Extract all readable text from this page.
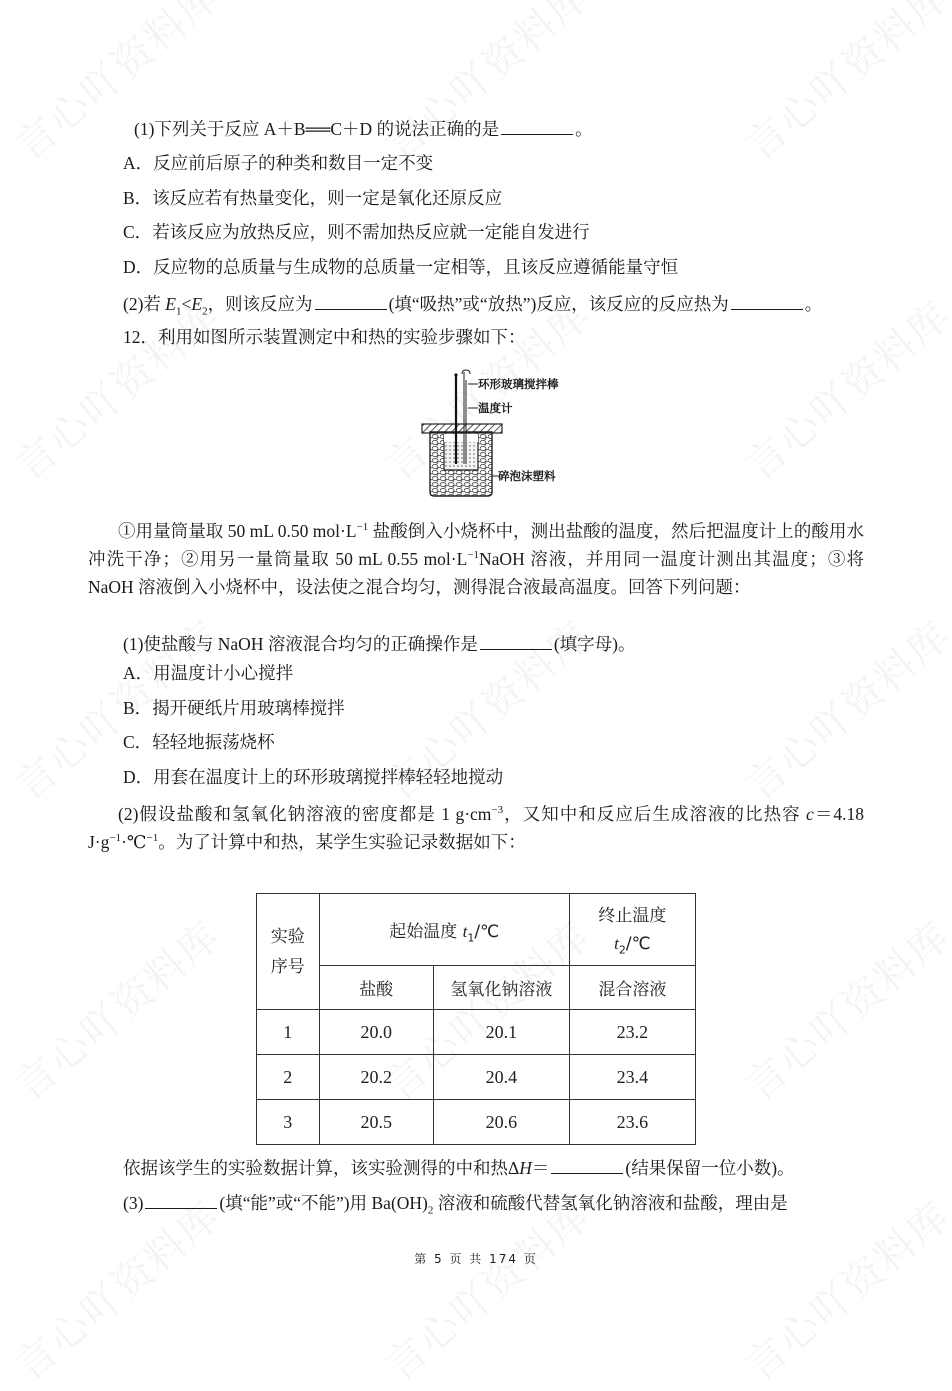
(1)下列关于反应 A＋B══C＋D 的说法正确的是	。
A．反应前后原子的种类和数目一定不变
B．该反应若有热量变化，则一定是氧化还原反应
C．若该反应为放热反应，则不需加热反应就一定能自发进行
D．反应物的总质量与生成物的总质量一定相等，且该反应遵循能量守恒
(2)若 $E_1<E_2$，则该反应为	(填“吸热”或“放热”)反应，该反应的反应热为	。
12．利用如图所示装置测定中和热的实验步骤如下：
环形玻璃搅拌棒
温度计
碎泡沫塑料
①用量筒量取 50 mL 0.50 $mol\cdot L^{-1}$ 盐酸倒入小烧杯中，测出盐酸的温度，然后把温度计上的酸用水冲洗干净；②用另一量筒量取 50 mL 0.55 $mol\cdot L^{-1}NaOH$ 溶液，并用同一温度计测出其温度；③将 NaOH 溶液倒入小烧杯中，设法使之混合均匀，测得混合液最高温度。回答下列问题：
(1)使盐酸与 NaOH 溶液混合均匀的正确操作是	(填字母)。
A．用温度计小心搅拌
B．揭开硬纸片用玻璃棒搅拌
C．轻轻地振荡烧杯
D．用套在温度计上的环形玻璃搅拌棒轻轻地搅动
(2)假设盐酸和氢氧化钠溶液的密度都是 1 $g\cdot cm^{-3}$，又知中和反应后生成溶液的比热容 c＝4.18 $J\cdot g^{-1}\cdot℃^{-1}$。为了计算中和热，某学生实验记录数据如下：
实验
序号	起始温度 $t_1/℃$		终止温度
$t_2/℃$
	盐酸	氢氧化钠溶液	混合溶液
1	20.0	20.1	23.2
2	20.2	20.4	23.4
3	20.5	20.6	23.6
依据该学生的实验数据计算，该实验测得的中和热ΔH＝	(结果保留一位小数)。
(3)	(填“能”或“不能”)用 $Ba(OH)_2$ 溶液和硫酸代替氢氧化钠溶液和盐酸，理由是
第 5 页 共 174 页
